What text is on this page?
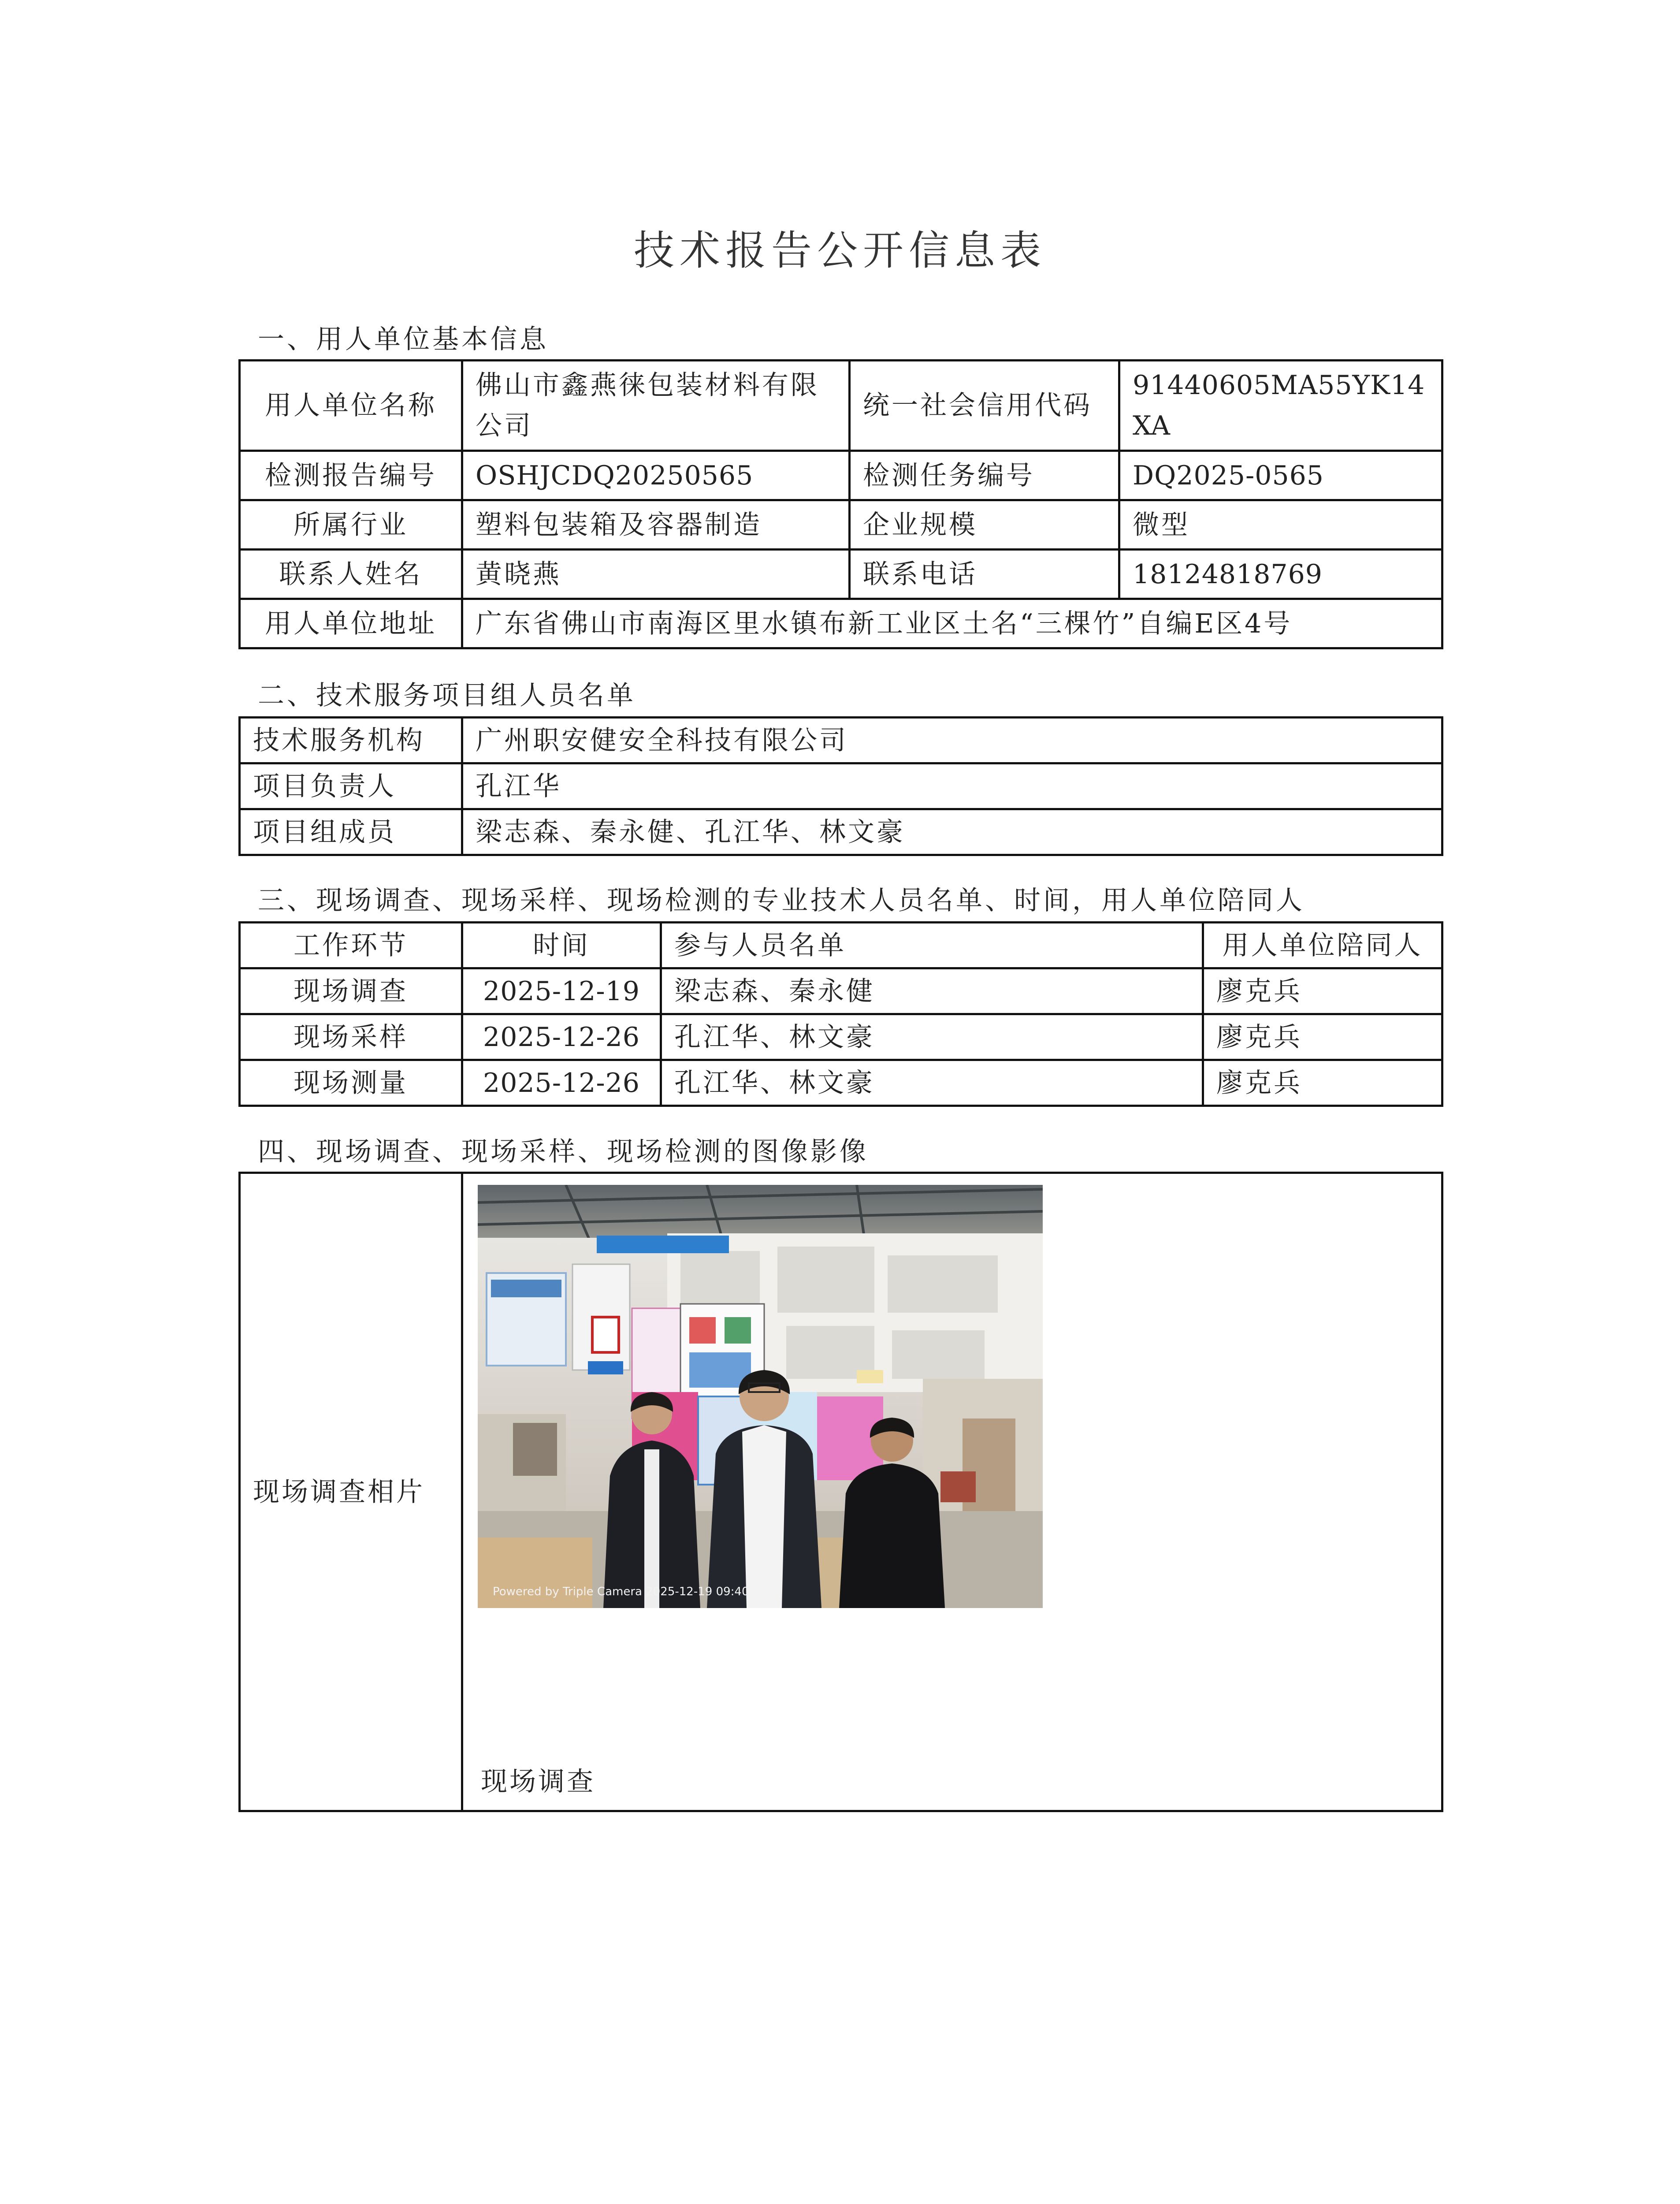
技术报告公开信息表
一、用人单位基本信息
用人单位名称	佛山市鑫燕徕包装材料有限公司	统一社会信用代码	91440605MA55YK14XA
检测报告编号	OSHJCDQ20250565	检测任务编号	DQ2025-0565
所属行业	塑料包装箱及容器制造	企业规模	微型
联系人姓名	黄晓燕	联系电话	18124818769
用人单位地址	广东省佛山市南海区里水镇布新工业区土名“三棵竹”自编E区4号		
二、技术服务项目组人员名单
技术服务机构	广州职安健安全科技有限公司
项目负责人	孔江华
项目组成员	梁志森、秦永健、孔江华、林文豪
三、现场调查、现场采样、现场检测的专业技术人员名单、时间，用人单位陪同人
工作环节	时间	参与人员名单	用人单位陪同人
现场调查	2025-12-19	梁志森、秦永健	廖克兵
现场采样	2025-12-26	孔江华、林文豪	廖克兵
现场测量	2025-12-26	孔江华、林文豪	廖克兵
四、现场调查、现场采样、现场检测的图像影像
现场调查相片	
Powered by Triple Camera 2025-12-19 09:40
现场调查
